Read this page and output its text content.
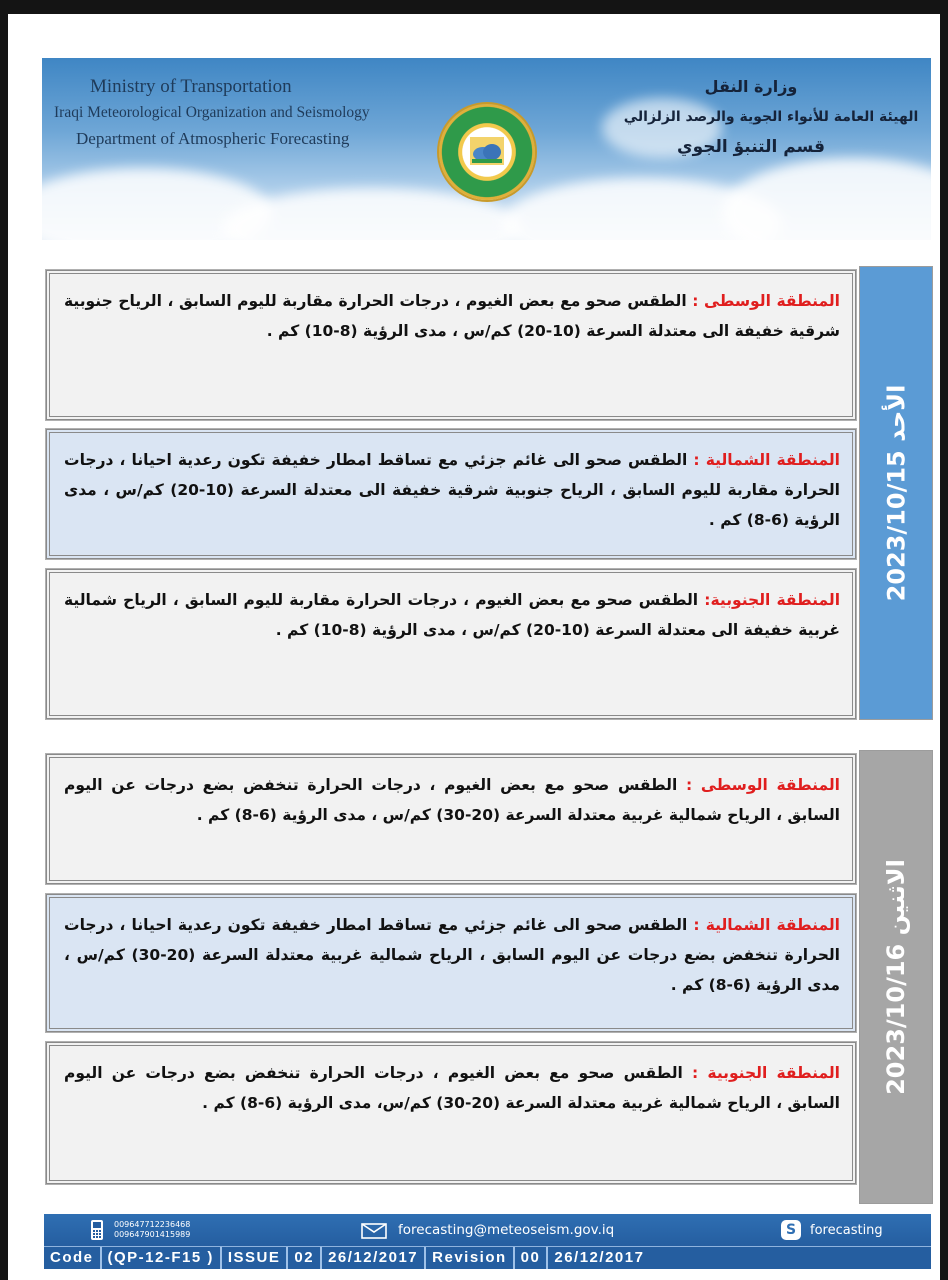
Ministry of Transportation
Iraqi Meteorological Organization and Seismology
Department of Atmospheric Forecasting
وزارة النقل
الهيئة العامة للأنواء الجوية والرصد الزلزالي
قسم التنبؤ الجوي
الأحد 2023/10/15
المنطقة الوسطى : الطقس صحو مع بعض الغيوم ، درجات الحرارة مقاربة لليوم السابق ، الرياح جنوبية شرقية خفيفة الى معتدلة السرعة (10-20) كم/س ، مدى الرؤية (8-10) كم .
المنطقة الشمالية : الطقس صحو الى غائم جزئي مع تساقط امطار خفيفة تكون رعدية احيانا ، درجات الحرارة مقاربة لليوم السابق ، الرياح جنوبية شرقية خفيفة الى معتدلة السرعة (10-20) كم/س ، مدى الرؤية (6-8) كم .
المنطقة الجنوبية: الطقس صحو مع بعض الغيوم ، درجات الحرارة مقاربة لليوم السابق ، الرياح شمالية غربية خفيفة الى معتدلة السرعة (10-20) كم/س ، مدى الرؤية (8-10) كم .
الاثنين 2023/10/16
المنطقة الوسطى : الطقس صحو مع بعض الغيوم ، درجات الحرارة تنخفض بضع درجات عن اليوم السابق ، الرياح شمالية غربية معتدلة السرعة (20-30) كم/س ، مدى الرؤية (6-8) كم .
المنطقة الشمالية : الطقس صحو الى غائم جزئي مع تساقط امطار خفيفة تكون رعدية احيانا ، درجات الحرارة تنخفض بضع درجات عن اليوم السابق ، الرياح شمالية غربية معتدلة السرعة (20-30) كم/س ، مدى الرؤية (6-8) كم .
المنطقة الجنوبية : الطقس صحو مع بعض الغيوم ، درجات الحرارة تنخفض بضع درجات عن اليوم السابق ، الرياح شمالية غربية معتدلة السرعة (20-30) كم/س، مدى الرؤية (6-8) كم .
009647712236468
009647901415989	forecasting@meteoseism.gov.iq	S	forecasting
Code (QP-12-F15 ) ISSUE 02 26/12/2017 Revision 00 26/12/2017
